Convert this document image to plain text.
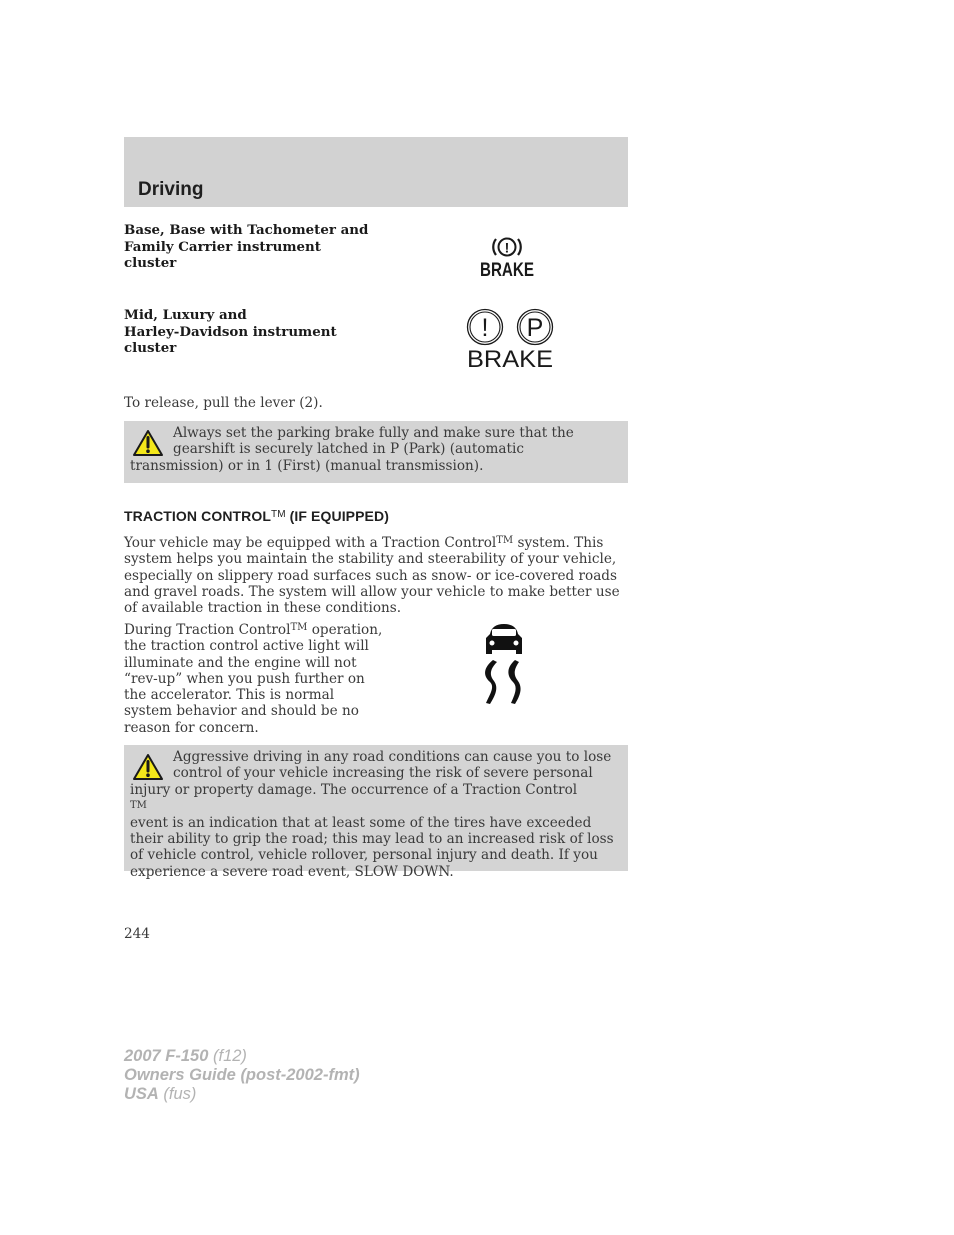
Driving
Base, Base with Tachometer and
Family Carrier instrument
cluster
!
BRAKE
Mid, Luxury and
Harley-Davidson instrument
cluster
! P
BRAKE
To release, pull the lever (2).
Always set the parking brake fully and make sure that the
gearshift is securely latched in P (Park) (automatic
transmission) or in 1 (First) (manual transmission).
TRACTION CONTROL™ (IF EQUIPPED)
Your vehicle may be equipped with a Traction Control™ system. This
system helps you maintain the stability and steerability of your vehicle,
especially on slippery road surfaces such as snow- or ice-covered roads
and gravel roads. The system will allow your vehicle to make better use
of available traction in these conditions.
During Traction Control™ operation,
the traction control active light will
illuminate and the engine will not
“rev-up” when you push further on
the accelerator. This is normal
system behavior and should be no
reason for concern.
Aggressive driving in any road conditions can cause you to lose
control of your vehicle increasing the risk of severe personal
injury or property damage. The occurrence of a Traction Control
TM
event is an indication that at least some of the tires have exceeded
their ability to grip the road; this may lead to an increased risk of loss
of vehicle control, vehicle rollover, personal injury and death. If you
experience a severe road event, SLOW DOWN.
244
2007 F-150 (f12)
Owners Guide (post-2002-fmt)
USA (fus)
